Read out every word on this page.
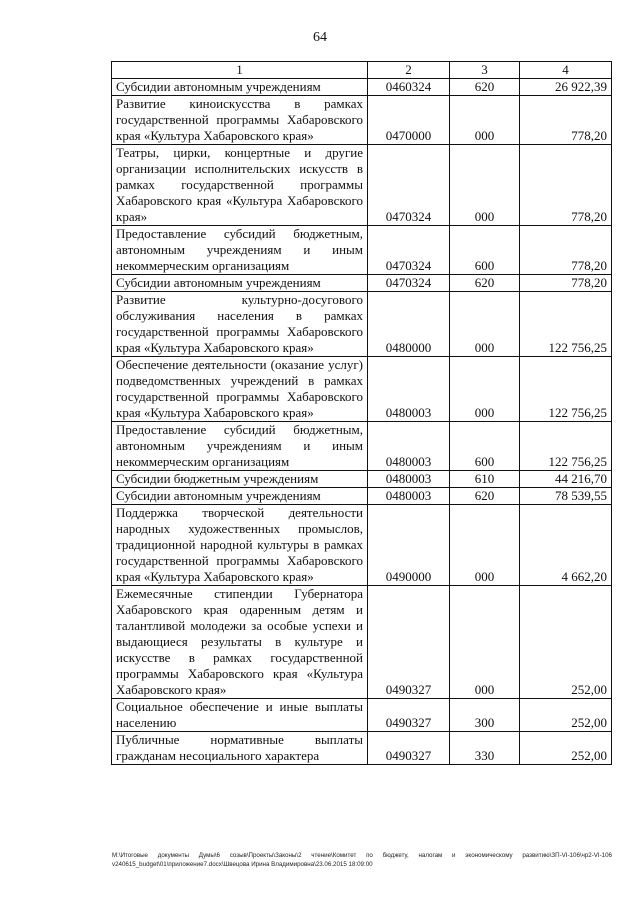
64
1	2	3	4
Субсидии автономным учреждениям	0460324	620	26 922,39
Развитие киноискусства в рамках государственной программы Хабаровского края «Культура Хабаровского края»	0470000	000	778,20
Театры, цирки, концертные и другие организации исполнительских искусств в рамках государственной программы Хабаровского края «Культура Хабаровского края»	0470324	000	778,20
Предоставление субсидий бюджетным, автономным учреждениям и иным некоммерческим организациям	0470324	600	778,20
Субсидии автономным учреждениям	0470324	620	778,20
Развитие культурно-досугового обслуживания населения в рамках государственной программы Хабаровского края «Культура Хабаровского края»	0480000	000	122 756,25
Обеспечение деятельности (оказание услуг) подведомственных учреждений в рамках государственной программы Хабаровского края «Культура Хабаровского края»	0480003	000	122 756,25
Предоставление субсидий бюджетным, автономным учреждениям и иным некоммерческим организациям	0480003	600	122 756,25
Субсидии бюджетным учреждениям	0480003	610	44 216,70
Субсидии автономным учреждениям	0480003	620	78 539,55
Поддержка творческой деятельности народных художественных промыслов, традиционной народной культуры в рамках государственной программы Хабаровского края «Культура Хабаровского края»	0490000	000	4 662,20
Ежемесячные стипендии Губернатора Хабаровского края одаренным детям и талантливой молодежи за особые успехи и выдающиеся результаты в культуре и искусстве в рамках государственной программы Хабаровского края «Культура Хабаровского края»	0490327	000	252,00
Социальное обеспечение и иные выплаты населению	0490327	300	252,00
Публичные нормативные выплаты гражданам несоциального характера	0490327	330	252,00
M:\Итоговые документы Думы\6 созыв\Проекты\Законы\2 чтение\Комитет по бюджету, налогам и экономическому развитию\ЗП-VI-106\чр2-VI-106 v240615_budget\01\приложение7.docx\Швецова Ирина Владимировна\23.06.2015 18:09:00
